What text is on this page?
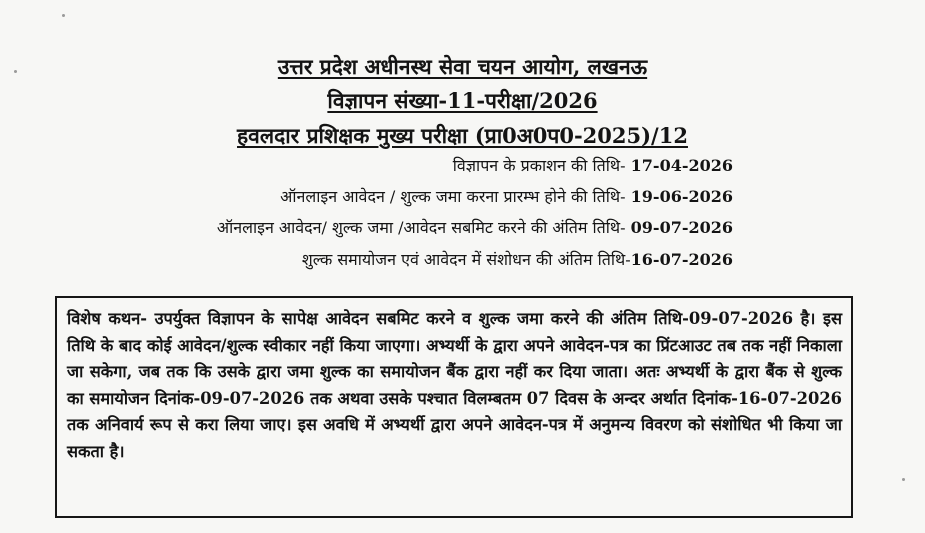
उत्तर प्रदेश अधीनस्थ सेवा चयन आयोग, लखनऊ
विज्ञापन संख्या-11-परीक्षा/2026
हवलदार प्रशिक्षक मुख्य परीक्षा (प्रा0अ0प0-2025)/12
विज्ञापन के प्रकाशन की तिथि- 17-04-2026
ऑनलाइन आवेदन / शुल्क जमा करना प्रारम्भ होने की तिथि- 19-06-2026
ऑनलाइन आवेदन/ शुल्क जमा /आवेदन सबमिट करने की अंतिम तिथि- 09-07-2026
शुल्क समायोजन एवं आवेदन में संशोधन की अंतिम तिथि-16-07-2026

विशेष कथन- उपर्युक्त विज्ञापन के सापेक्ष आवेदन सबमिट करने व शुल्क जमा करने की अंतिम तिथि-09-07-2026 है। इस तिथि के बाद कोई आवेदन/शुल्क स्वीकार नहीं किया जाएगा। अभ्यर्थी के द्वारा अपने आवेदन-पत्र का प्रिंटआउट तब तक नहीं निकाला जा सकेगा, जब तक कि उसके द्वारा जमा शुल्क का समायोजन बैंक द्वारा नहीं कर दिया जाता। अतः अभ्यर्थी के द्वारा बैंक से शुल्क का समायोजन दिनांक-09-07-2026 तक अथवा उसके पश्चात विलम्बतम 07 दिवस के अन्दर अर्थात दिनांक-16-07-2026 तक अनिवार्य रूप से करा लिया जाए। इस अवधि में अभ्यर्थी द्वारा अपने आवेदन-पत्र में अनुमन्य विवरण को संशोधित भी किया जा सकता है।
